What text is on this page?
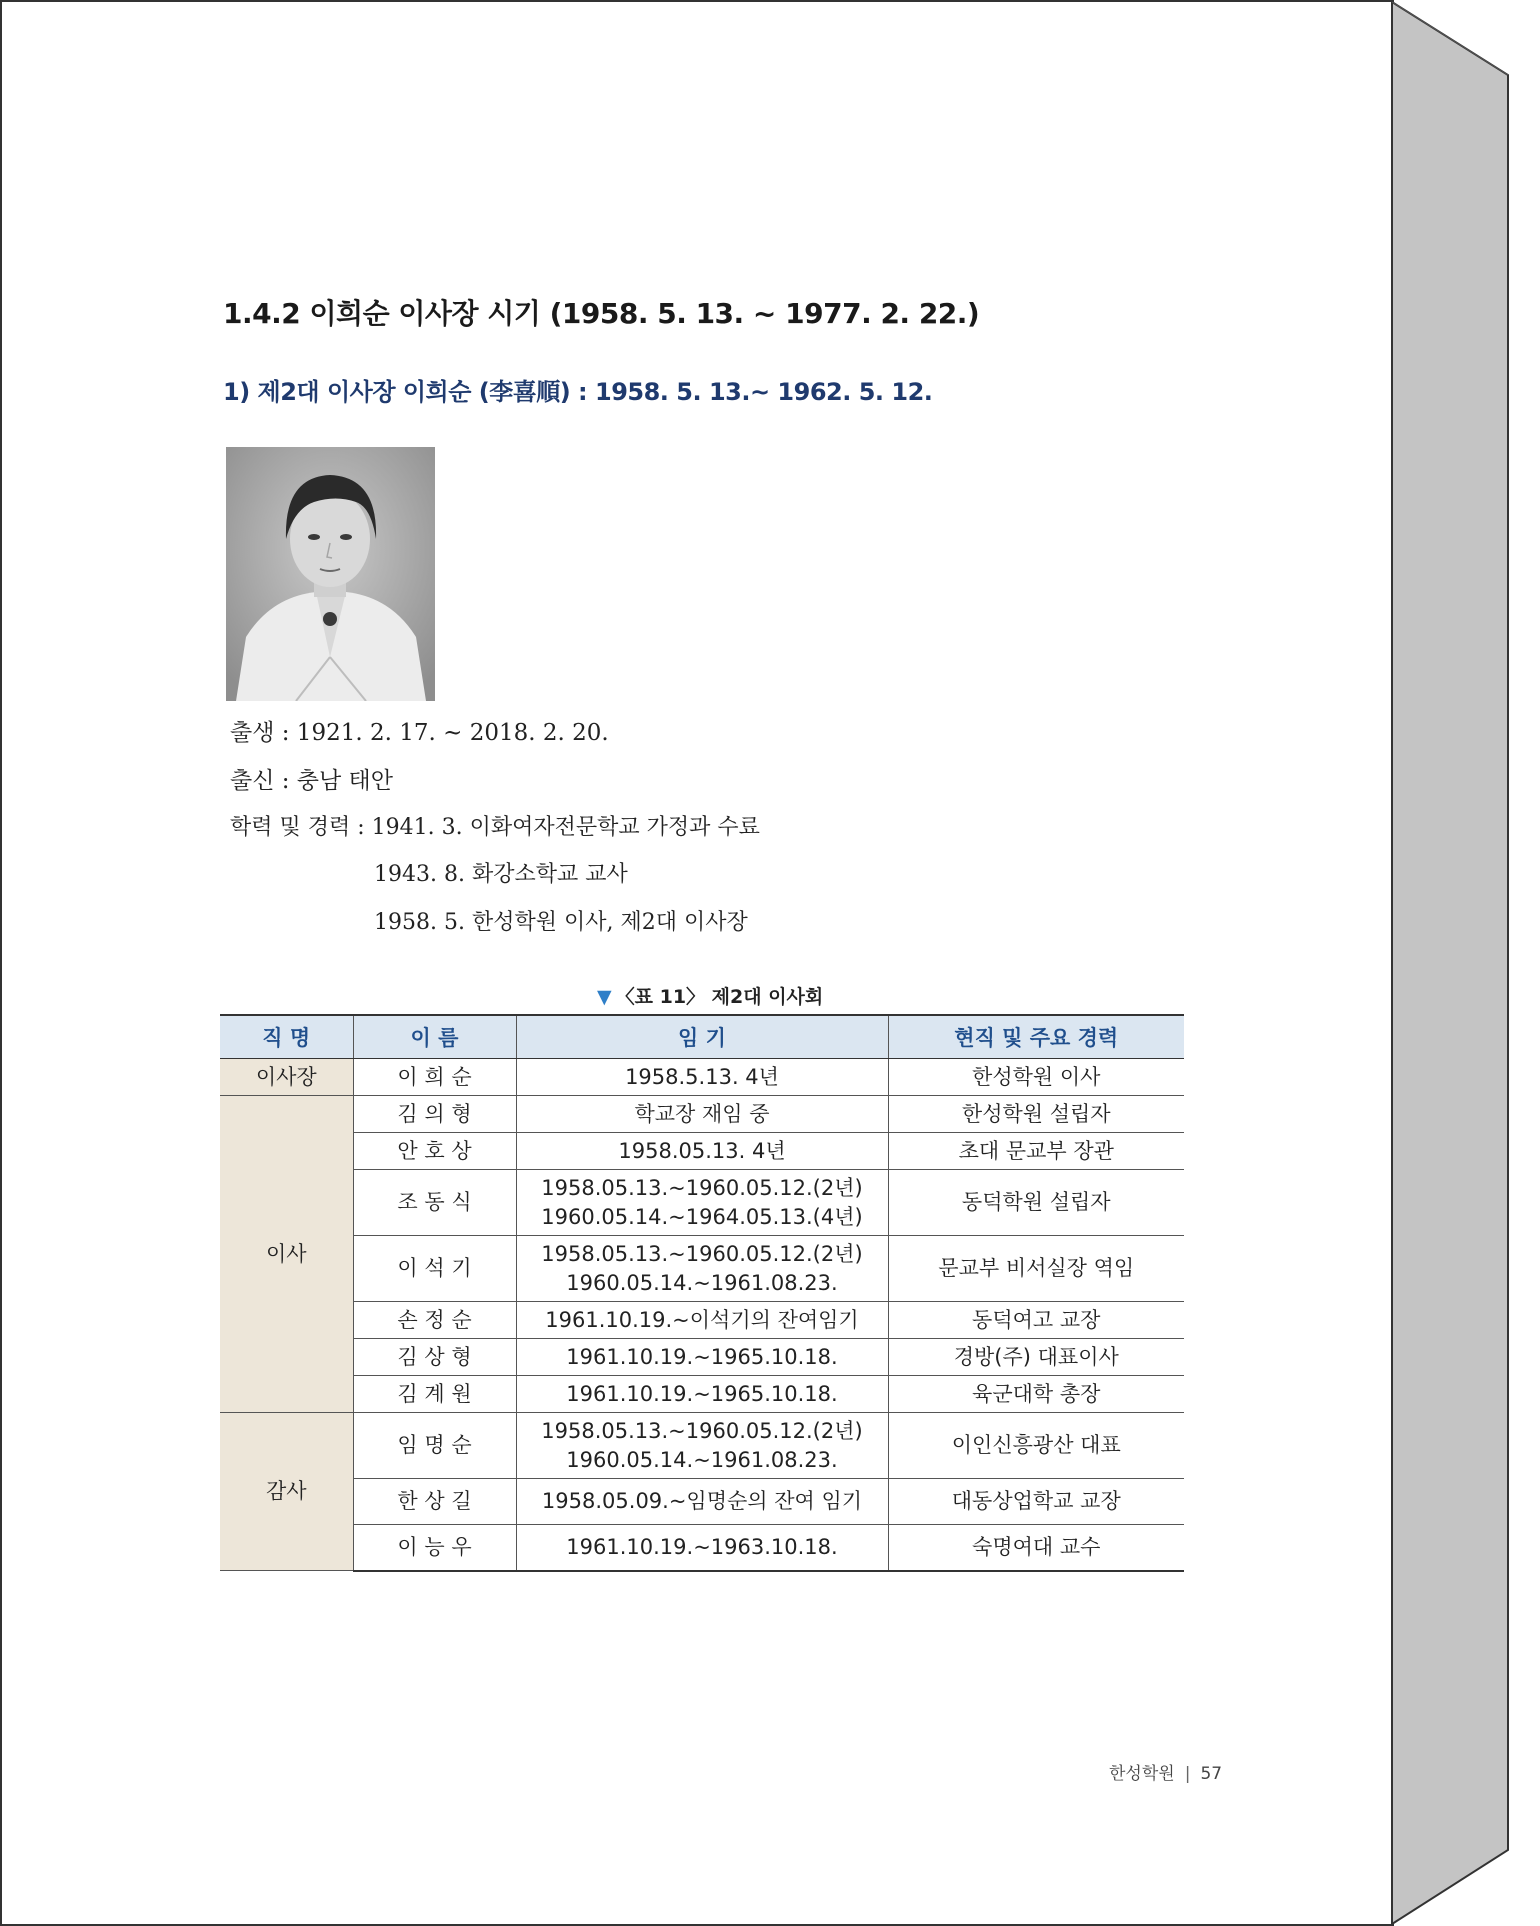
1.4.2 이희순 이사장 시기 (1958. 5. 13. ~ 1977. 2. 22.)
1) 제2대 이사장 이희순 (李喜順) : 1958. 5. 13.~ 1962. 5. 12.
출생 : 1921. 2. 17. ~ 2018. 2. 20.
출신 : 충남 태안
학력 및 경력 : 1941. 3. 이화여자전문학교 가정과 수료
1943. 8. 화강소학교 교사
1958. 5. 한성학원 이사, 제2대 이사장
▼ 〈표 11〉 제2대 이사회
직 명	이 름	임 기	현직 및 주요 경력
이사장	이 희 순	1958.5.13. 4년	한성학원 이사
이사	김 의 형	학교장 재임 중	한성학원 설립자
	안 호 상	1958.05.13. 4년	초대 문교부 장관
	조 동 식	1958.05.13.~1960.05.12.(2년)
1960.05.14.~1964.05.13.(4년)	동덕학원 설립자
	이 석 기	1958.05.13.~1960.05.12.(2년)
1960.05.14.~1961.08.23.	문교부 비서실장 역임
	손 정 순	1961.10.19.~이석기의 잔여임기	동덕여고 교장
	김 상 형	1961.10.19.~1965.10.18.	경방(주) 대표이사
	김 계 원	1961.10.19.~1965.10.18.	육군대학 총장
감사	임 명 순	1958.05.13.~1960.05.12.(2년)
1960.05.14.~1961.08.23.	이인신흥광산 대표
	한 상 길	1958.05.09.~임명순의 잔여 임기	대동상업학교 교장
	이 능 우	1961.10.19.~1963.10.18.	숙명여대 교수
한성학원 | 57
